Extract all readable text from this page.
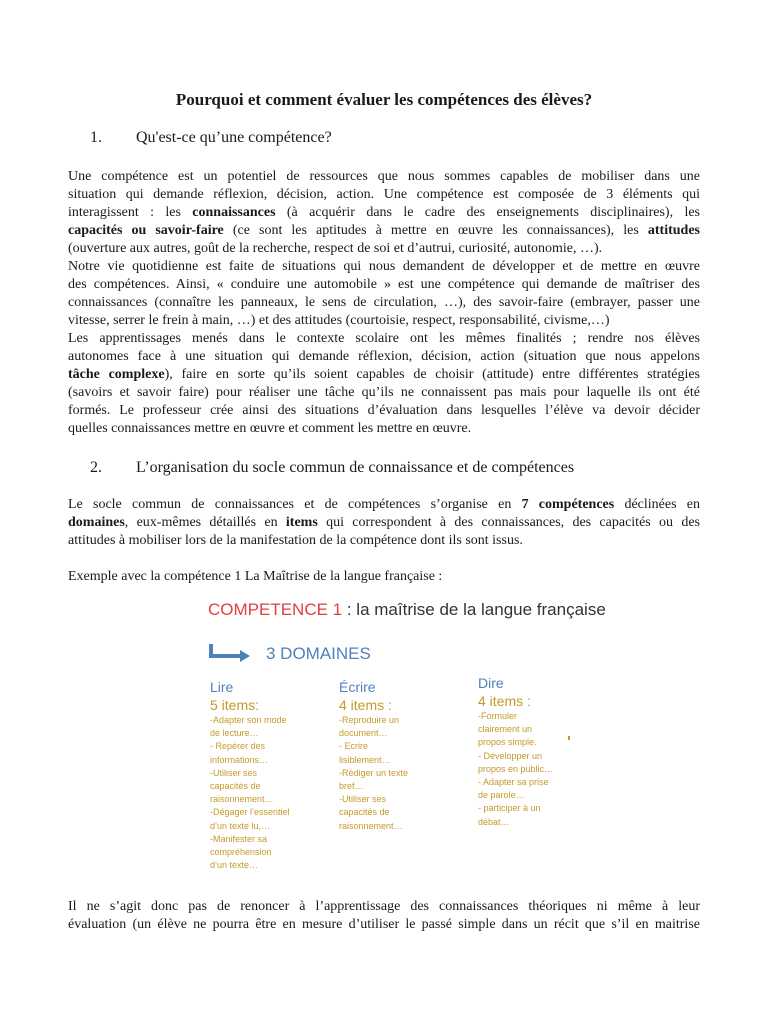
Pourquoi et comment évaluer les compétences des élèves?
1. Qu'est-ce qu’une compétence?
Une compétence est un potentiel de ressources que nous sommes capables de mobiliser dans une
situation qui demande réflexion, décision, action. Une compétence est composée de 3 éléments qui
interagissent : les connaissances (à acquérir dans le cadre des enseignements disciplinaires), les
capacités ou savoir-faire (ce sont les aptitudes à mettre en œuvre les connaissances), les attitudes
(ouverture aux autres, goût de la recherche, respect de soi et d’autrui, curiosité, autonomie, …).
Notre vie quotidienne est faite de situations qui nous demandent de développer et de mettre en œuvre
des compétences. Ainsi, « conduire une automobile » est une compétence qui demande de maîtriser des
connaissances (connaître les panneaux, le sens de circulation, …), des savoir-faire (embrayer, passer une
vitesse, serrer le frein à main, …) et des attitudes (courtoisie, respect, responsabilité, civisme,…)
Les apprentissages menés dans le contexte scolaire ont les mêmes finalités ; rendre nos élèves
autonomes face à une situation qui demande réflexion, décision, action (situation que nous appelons
tâche complexe), faire en sorte qu’ils soient capables de choisir (attitude) entre différentes stratégies
(savoirs et savoir faire) pour réaliser une tâche qu’ils ne connaissent pas mais pour laquelle ils ont été
formés. Le professeur crée ainsi des situations d’évaluation dans lesquelles l’élève va devoir décider
quelles connaissances mettre en œuvre et comment les mettre en œuvre.
2. L’organisation du socle commun de connaissance et de compétences
Le socle commun de connaissances et de compétences s’organise en 7 compétences déclinées en
domaines, eux-mêmes détaillés en items qui correspondent à des connaissances, des capacités ou des
attitudes à mobiliser lors de la manifestation de la compétence dont ils sont issus.
Exemple avec la compétence 1 La Maîtrise de la langue française :
COMPETENCE 1 : la maîtrise de la langue française
3 DOMAINES
Lire
5 items:
-Adapter son mode
de lecture…
- Repérer des
informations…
-Utiliser ses
capacités de
raisonnement…
-Dégager l’essentiel
d’un texte lu,…
-Manifester sa
compréhension
d’un texte…
Écrire
4 items :
-Reproduire un
document…
- Ecrire
lisiblement…
-Rédiger un texte
bref…
-Utiliser ses
capacités de
raisonnement…
Dire
4 items :
-Formuler
clairement un
propos simple.
- Développer un
propos en public…
- Adapter sa prise
de parole…
- participer à un
débat…
Il ne s’agit donc pas de renoncer à l’apprentissage des connaissances théoriques ni même à leur
évaluation (un élève ne pourra être en mesure d’utiliser le passé simple dans un récit que s’il en maitrise
